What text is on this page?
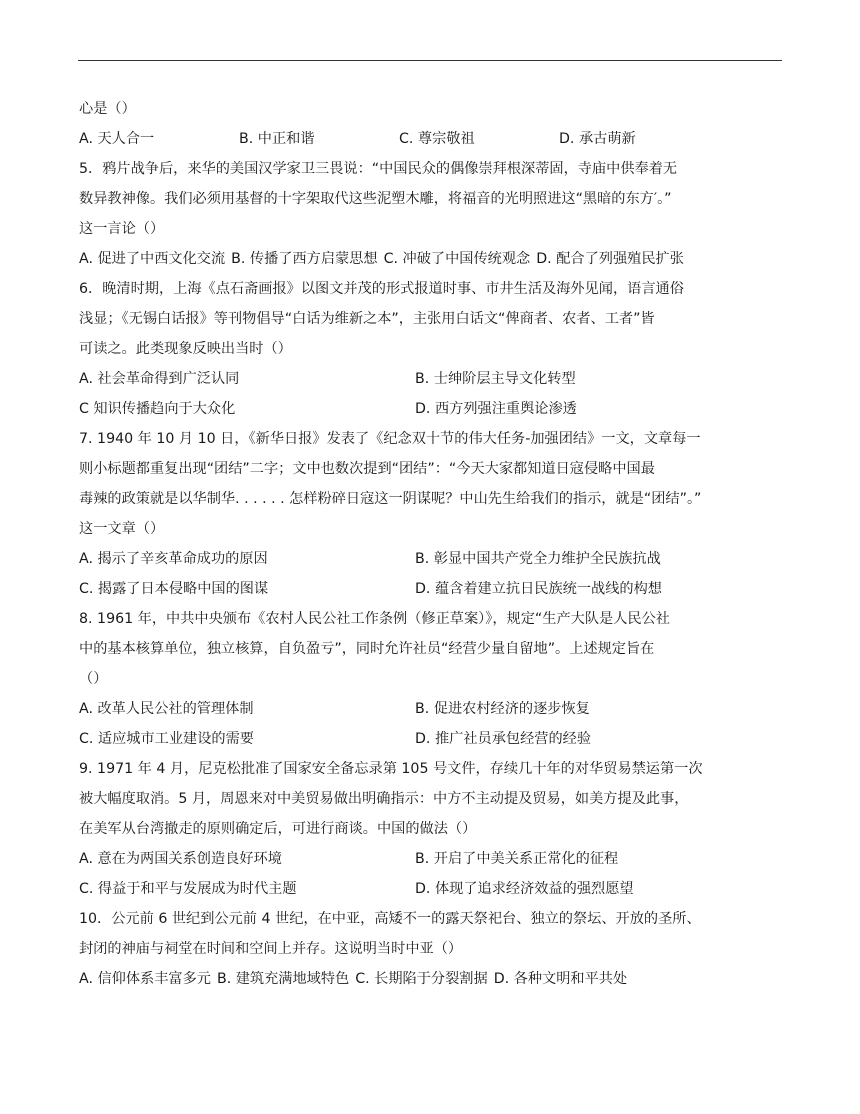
心是（）
A. 天人合一	B. 中正和谐	C. 尊宗敬祖	D. 承古萌新
5．鸦片战争后，来华的美国汉学家卫三畏说：“中国民众的偶像崇拜根深蒂固，寺庙中供奉着无
数异教神像。我们必须用基督的十字架取代这些泥塑木雕，将福音的光明照进这“黑暗的东方′。”
这一言论（）
A. 促进了中西文化交流 B. 传播了西方启蒙思想 C. 冲破了中国传统观念 D. 配合了列强殖民扩张
6．晚清时期，上海《点石斋画报》以图文并茂的形式报道时事、市井生活及海外见闻，语言通俗
浅显；《无锡白话报》等刊物倡导“白话为维新之本”，主张用白话文“俾商者、农者、工者”皆
可读之。此类现象反映出当时（）
A. 社会革命得到广泛认同	B. 士绅阶层主导文化转型
C 知识传播趋向于大众化	D. 西方列强注重舆论渗透
7. 1940 年 10 月 10 日，《新华日报》发表了《纪念双十节的伟大任务-加强团结》一文，文章每一
则小标题都重复出现“团结”二字；文中也数次提到“团结”：“今天大家都知道日寇侵略中国最
毒辣的政策就是以华制华. . . . . . 怎样粉碎日寇这一阴谋呢？中山先生给我们的指示，就是“团结”。”
这一文章（）
A. 揭示了辛亥革命成功的原因	B. 彰显中国共产党全力维护全民族抗战
C. 揭露了日本侵略中国的图谋	D. 蕴含着建立抗日民族统一战线的构想
8. 1961 年，中共中央颁布《农村人民公社工作条例（修正草案）》，规定“生产大队是人民公社
中的基本核算单位，独立核算，自负盈亏”，同时允许社员“经营少量自留地”。上述规定旨在
（）
A. 改革人民公社的管理体制	B. 促进农村经济的逐步恢复
C. 适应城市工业建设的需要	D. 推广社员承包经营的经验
9. 1971 年 4 月，尼克松批准了国家安全备忘录第 105 号文件，存续几十年的对华贸易禁运第一次
被大幅度取消。5 月，周恩来对中美贸易做出明确指示：中方不主动提及贸易，如美方提及此事，
在美军从台湾撤走的原则确定后，可进行商谈。中国的做法（）
A. 意在为两国关系创造良好环境	B. 开启了中美关系正常化的征程
C. 得益于和平与发展成为时代主题	D. 体现了追求经济效益的强烈愿望
10．公元前 6 世纪到公元前 4 世纪，在中亚，高矮不一的露天祭祀台、独立的祭坛、开放的圣所、
封闭的神庙与祠堂在时间和空间上并存。这说明当时中亚（）
A. 信仰体系丰富多元 B. 建筑充满地域特色 C. 长期陷于分裂割据 D. 各种文明和平共处
